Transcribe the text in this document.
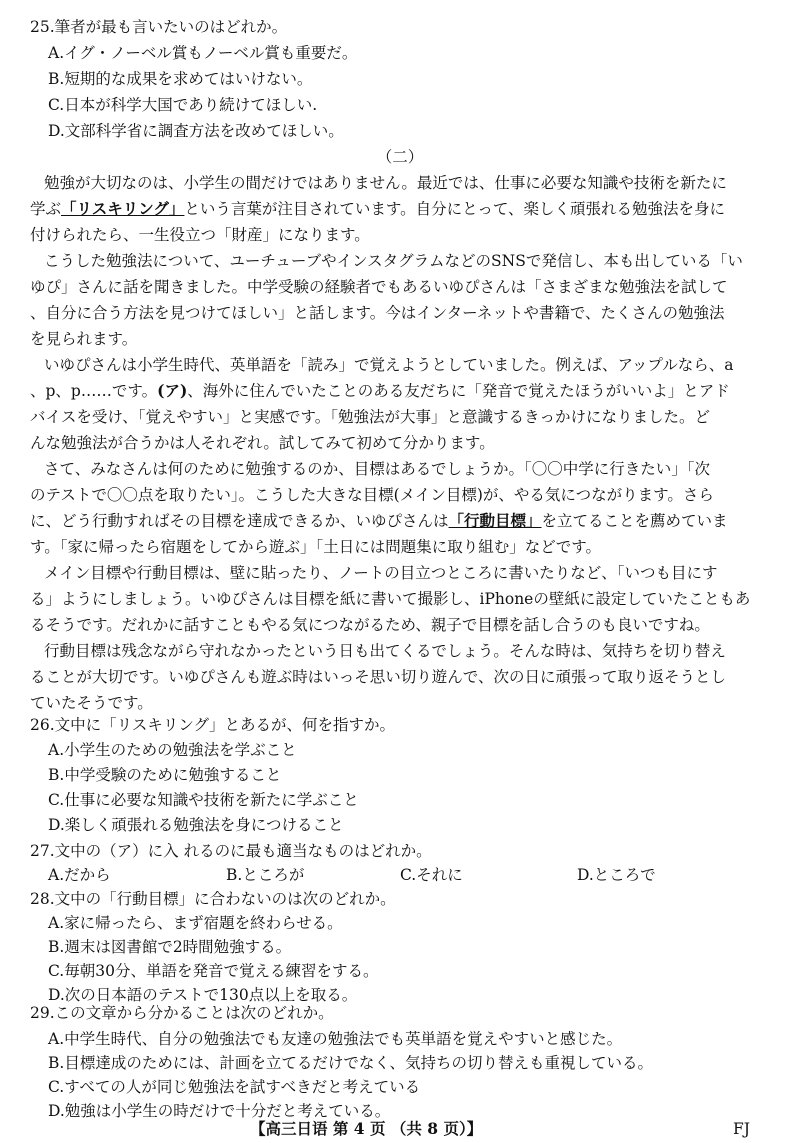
25.筆者が最も言いたいのはどれか。
A.イグ・ノーベル賞もノーベル賞も重要だ。
B.短期的な成果を求めてはいけない。
C.日本が科学大国であり続けてほしい.
D.文部科学省に調査方法を改めてほしい。
（二）
勉強が大切なのは、小学生の間だけではありません。最近では、仕事に必要な知識や技術を新たに
学ぶ「リスキリング」という言葉が注目されています。自分にとって、楽しく頑張れる勉強法を身に
付けられたら、一生役立つ「財産」になります。
こうした勉強法について、ユーチューブやインスタグラムなどのSNSで発信し、本も出している「い
ゆぴ」さんに話を聞きました。中学受験の経験者でもあるいゆぴさんは「さまざまな勉強法を試して
、自分に合う方法を見つけてほしい」と話します。今はインターネットや書籍で、たくさんの勉強法
を見られます。
いゆぴさんは小学生時代、英単語を「読み」で覚えようとしていました。例えば、アップルなら、a
、p、p……です。(ア)、海外に住んでいたことのある友だちに「発音で覚えたほうがいいよ」とアド
バイスを受け、「覚えやすい」と実感です。「勉強法が大事」と意識するきっかけになりました。ど
んな勉強法が合うかは人それぞれ。試してみて初めて分かります。
さて、みなさんは何のために勉強するのか、目標はあるでしょうか。「〇〇中学に行きたい」「次
のテストで〇〇点を取りたい」。こうした大きな目標(メイン目標)が、やる気につながります。さら
に、どう行動すればその目標を達成できるか、いゆぴさんは「行動目標」を立てることを薦めていま
す。「家に帰ったら宿題をしてから遊ぶ」「土日には問題集に取り組む」などです。
メイン目標や行動目標は、壁に貼ったり、ノートの目立つところに書いたりなど、「いつも目にす
る」ようにしましょう。いゆぴさんは目標を紙に書いて撮影し、iPhoneの壁紙に設定していたこともあ
るそうです。だれかに話すこともやる気につながるため、親子で目標を話し合うのも良いですね。
行動目標は残念ながら守れなかったという日も出てくるでしょう。そんな時は、気持ちを切り替え
ることが大切です。いゆぴさんも遊ぶ時はいっそ思い切り遊んで、次の日に頑張って取り返そうとし
ていたそうです。
26.文中に「リスキリング」とあるが、何を指すか。
A.小学生のための勉強法を学ぶこと
B.中学受験のために勉強すること
C.仕事に必要な知識や技術を新たに学ぶこと
D.楽しく頑張れる勉強法を身につけること
27.文中の（ア）に入 れるのに最も適当なものはどれか。
A.だから	B.ところが	C.それに	D.ところで
28.文中の「行動目標」に合わないのは次のどれか。
A.家に帰ったら、まず宿題を終わらせる。
B.週末は図書館で2時間勉強する。
C.毎朝30分、単語を発音で覚える練習をする。
D.次の日本語のテストで130点以上を取る。
29.この文章から分かることは次のどれか。
A.中学生時代、自分の勉強法でも友達の勉強法でも英単語を覚えやすいと感じた。
B.目標達成のためには、計画を立てるだけでなく、気持ちの切り替えも重視している。
C.すべての人が同じ勉強法を試すべきだと考えている
D.勉強は小学生の時だけで十分だと考えている。
【高三日语 第 4 页 （共 8 页）】	FJ
